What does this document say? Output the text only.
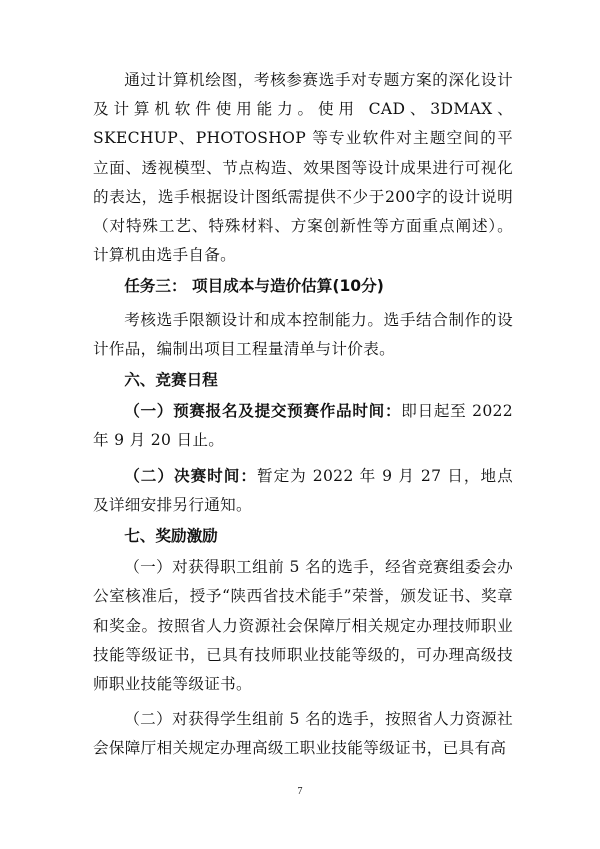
通过计算机绘图，考核参赛选手对专题方案的深化设计及计算机软件使用能力。使用 CAD、3DMAX、SKECHUP、PHOTOSHOP 等专业软件对主题空间的平立面、透视模型、节点构造、效果图等设计成果进行可视化的表达，选手根据设计图纸需提供不少于200字的设计说明（对特殊工艺、特殊材料、方案创新性等方面重点阐述）。计算机由选手自备。

任务三： 项目成本与造价估算(10分)

考核选手限额设计和成本控制能力。选手结合制作的设计作品，编制出项目工程量清单与计价表。

六、竞赛日程

（一）预赛报名及提交预赛作品时间：即日起至 2022 年 9 月 20 日止。

（二）决赛时间：暂定为 2022 年 9 月 27 日，地点及详细安排另行通知。

七、奖励激励

（一）对获得职工组前 5 名的选手，经省竞赛组委会办公室核准后，授予“陕西省技术能手”荣誉，颁发证书、奖章和奖金。按照省人力资源社会保障厅相关规定办理技师职业技能等级证书，已具有技师职业技能等级的，可办理高级技师职业技能等级证书。

（二）对获得学生组前 5 名的选手，按照省人力资源社会保障厅相关规定办理高级工职业技能等级证书，已具有高

7
